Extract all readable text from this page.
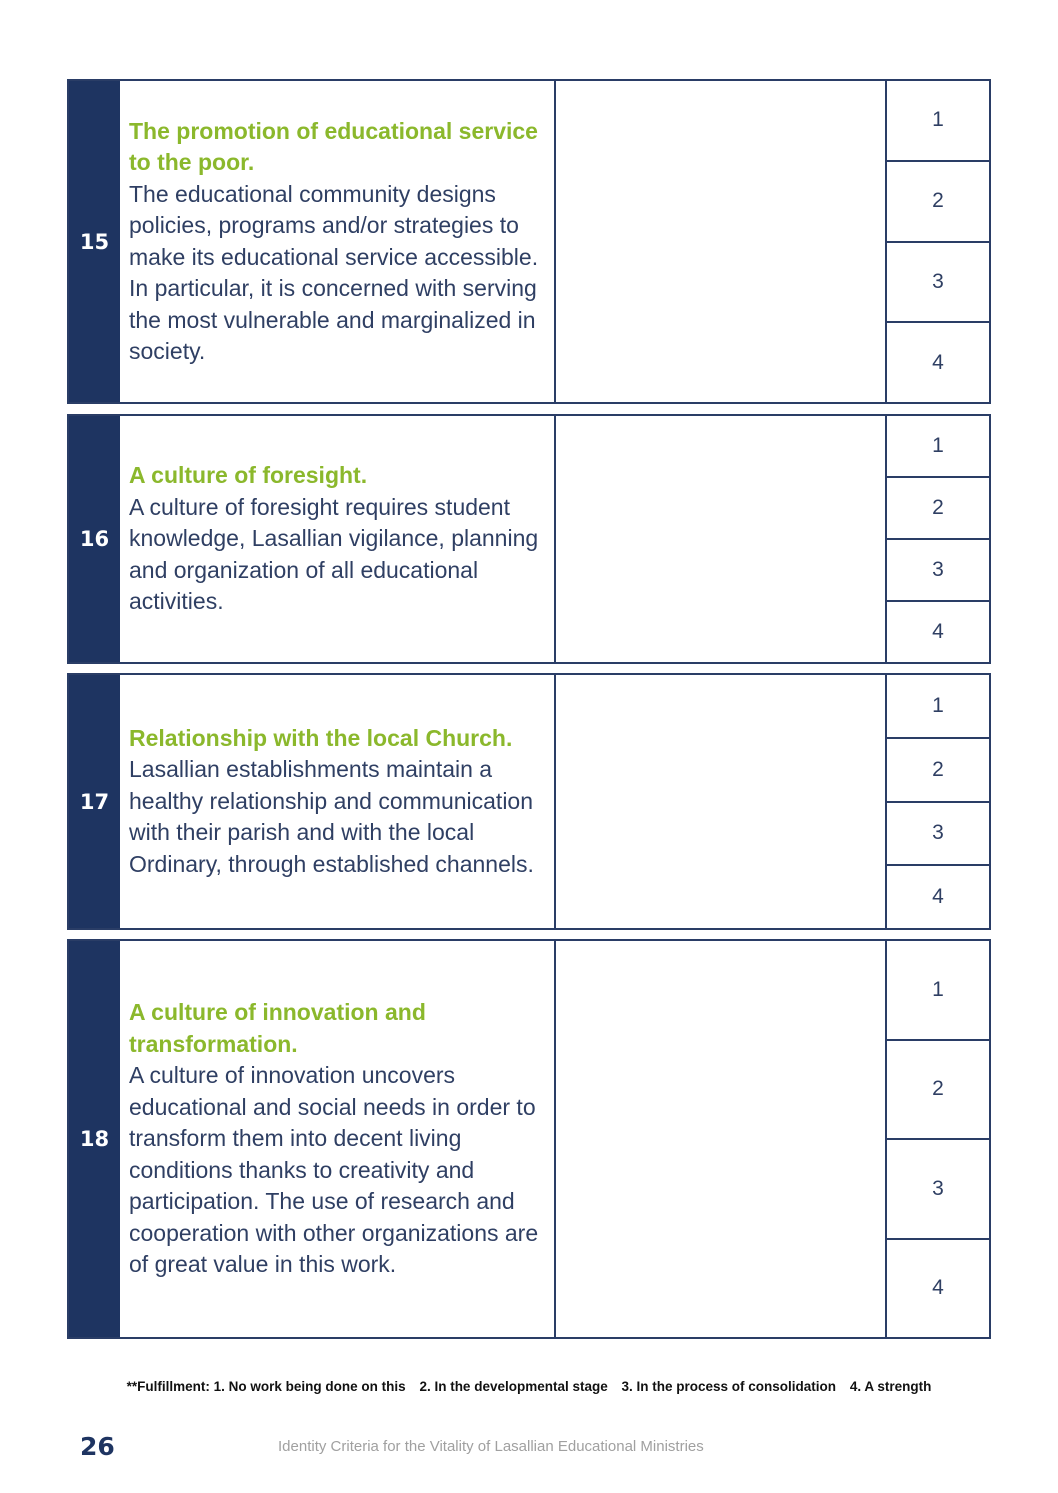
15
The promotion of educational service to the poor.
The educational community designs policies, programs and/or strategies to make its educational service accessible. In particular, it is concerned with serving the most vulnerable and marginalized in society.
1
2
3
4
16
A culture of foresight.
A culture of foresight requires student knowledge, Lasallian vigilance, planning and organization of all educational activities.
1
2
3
4
17
Relationship with the local Church.
Lasallian establishments maintain a healthy relationship and communication with their parish and with the local Ordinary, through established channels.
1
2
3
4
18
A culture of innovation and transformation.
A culture of innovation uncovers educational and social needs in order to transform them into decent living conditions thanks to creativity and participation. The use of research and cooperation with other organizations are of great value in this work.
1
2
3
4
**Fulfillment: 1. No work being done on this 2. In the developmental stage 3. In the process of consolidation 4. A strength
26	Identity Criteria for the Vitality of Lasallian Educational Ministries
